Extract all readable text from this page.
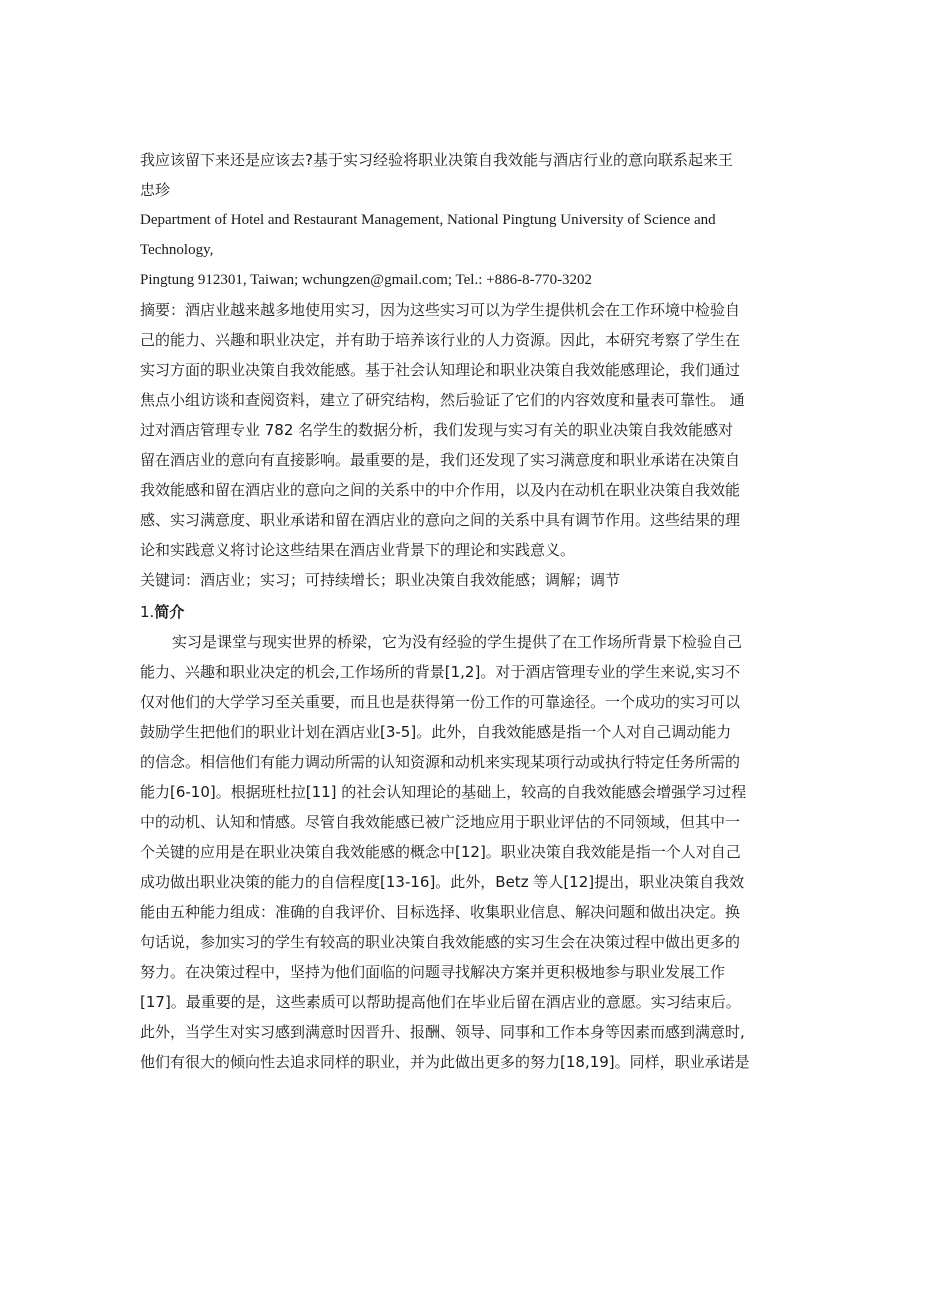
我应该留下来还是应该去?基于实习经验将职业决策自我效能与酒店行业的意向联系起来王
忠珍
Department of Hotel and Restaurant Management, National Pingtung University of Science and
Technology,
Pingtung 912301, Taiwan; wchungzen@gmail.com; Tel.: +886-8-770-3202
摘要：酒店业越来越多地使用实习，因为这些实习可以为学生提供机会在工作环境中检验自
己的能力、兴趣和职业决定，并有助于培养该行业的人力资源。因此，本研究考察了学生在
实习方面的职业决策自我效能感。基于社会认知理论和职业决策自我效能感理论，我们通过
焦点小组访谈和查阅资料，建立了研究结构，然后验证了它们的内容效度和量表可靠性。 通
过对酒店管理专业 782 名学生的数据分析，我们发现与实习有关的职业决策自我效能感对
留在酒店业的意向有直接影响。最重要的是，我们还发现了实习满意度和职业承诺在决策自
我效能感和留在酒店业的意向之间的关系中的中介作用，以及内在动机在职业决策自我效能
感、实习满意度、职业承诺和留在酒店业的意向之间的关系中具有调节作用。这些结果的理
论和实践意义将讨论这些结果在酒店业背景下的理论和实践意义。
关键词：酒店业；实习；可持续增长；职业决策自我效能感；调解；调节
1.简介
实习是课堂与现实世界的桥梁，它为没有经验的学生提供了在工作场所背景下检验自己
能力、兴趣和职业决定的机会,工作场所的背景[1,2]。对于酒店管理专业的学生来说,实习不
仅对他们的大学学习至关重要，而且也是获得第一份工作的可靠途径。一个成功的实习可以
鼓励学生把他们的职业计划在酒店业[3-5]。此外，自我效能感是指一个人对自己调动能力
的信念。相信他们有能力调动所需的认知资源和动机来实现某项行动或执行特定任务所需的
能力[6-10]。根据班杜拉[11] 的社会认知理论的基础上，较高的自我效能感会增强学习过程
中的动机、认知和情感。尽管自我效能感已被广泛地应用于职业评估的不同领域，但其中一
个关键的应用是在职业决策自我效能感的概念中[12]。职业决策自我效能是指一个人对自己
成功做出职业决策的能力的自信程度[13-16]。此外，Betz 等人[12]提出，职业决策自我效
能由五种能力组成：准确的自我评价、目标选择、收集职业信息、解决问题和做出决定。换
句话说，参加实习的学生有较高的职业决策自我效能感的实习生会在决策过程中做出更多的
努力。在决策过程中，坚持为他们面临的问题寻找解决方案并更积极地参与职业发展工作
[17]。最重要的是，这些素质可以帮助提高他们在毕业后留在酒店业的意愿。实习结束后。
此外，当学生对实习感到满意时因晋升、报酬、领导、同事和工作本身等因素而感到满意时,
他们有很大的倾向性去追求同样的职业，并为此做出更多的努力[18,19]。同样，职业承诺是
